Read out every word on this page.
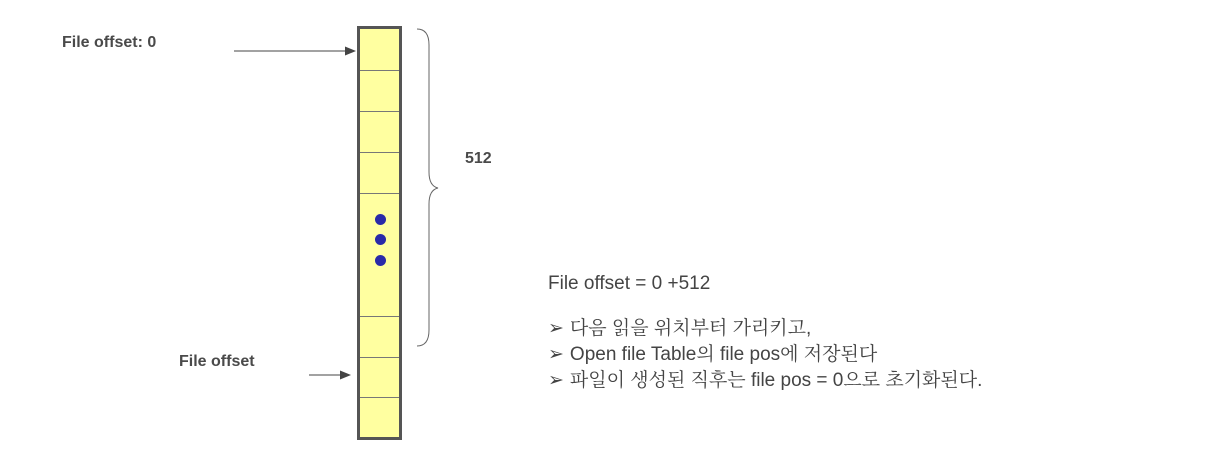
File offset: 0
File offset
512
File offset = 0 +512
➢ 다음 읽을 위치부터 가리키고,
➢ Open file Table의 file pos에 저장된다
➢ 파일이 생성된 직후는 file pos = 0으로 초기화된다.
